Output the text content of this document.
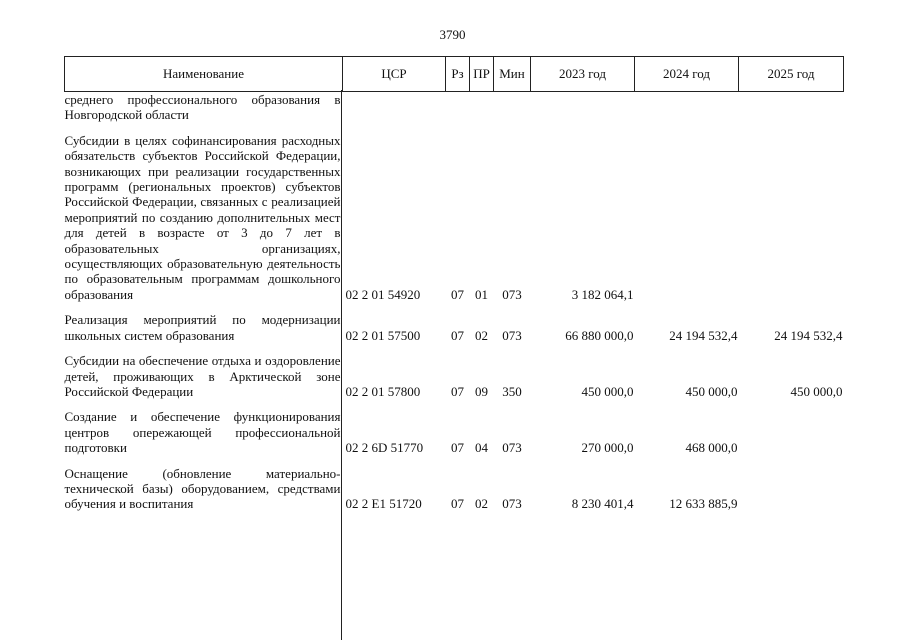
3790
Наименование	ЦСР	Рз	ПР	Мин	2023 год	2024 год	2025 год
среднего профессионального образования в Новгородской области							

Субсидии в целях софинансирования расходных обязательств субъектов Российской Федерации, возникающих при реализации государственных программ (региональных проектов) субъектов Российской Федерации, связанных с реализацией мероприятий по созданию дополнительных мест для детей в возрасте от 3 до 7 лет в образовательных организациях, осуществляющих образовательную деятельность по образовательным программам дошкольного образования	02 2 01 54920	07	01	073	3 182 064,1		

Реализация мероприятий по модернизации школьных систем образования	02 2 01 57500	07	02	073	66 880 000,0	24 194 532,4	24 194 532,4

Субсидии на обеспечение отдыха и оздоровление детей, проживающих в Арктической зоне Российской Федерации	02 2 01 57800	07	09	350	450 000,0	450 000,0	450 000,0

Создание и обеспечение функционирования центров опережающей профессиональной подготовки	02 2 6D 51770	07	04	073	270 000,0	468 000,0	

Оснащение (обновление материально-технической базы) оборудованием, средствами обучения и воспитания	02 2 E1 51720	07	02	073	8 230 401,4	12 633 885,9	
